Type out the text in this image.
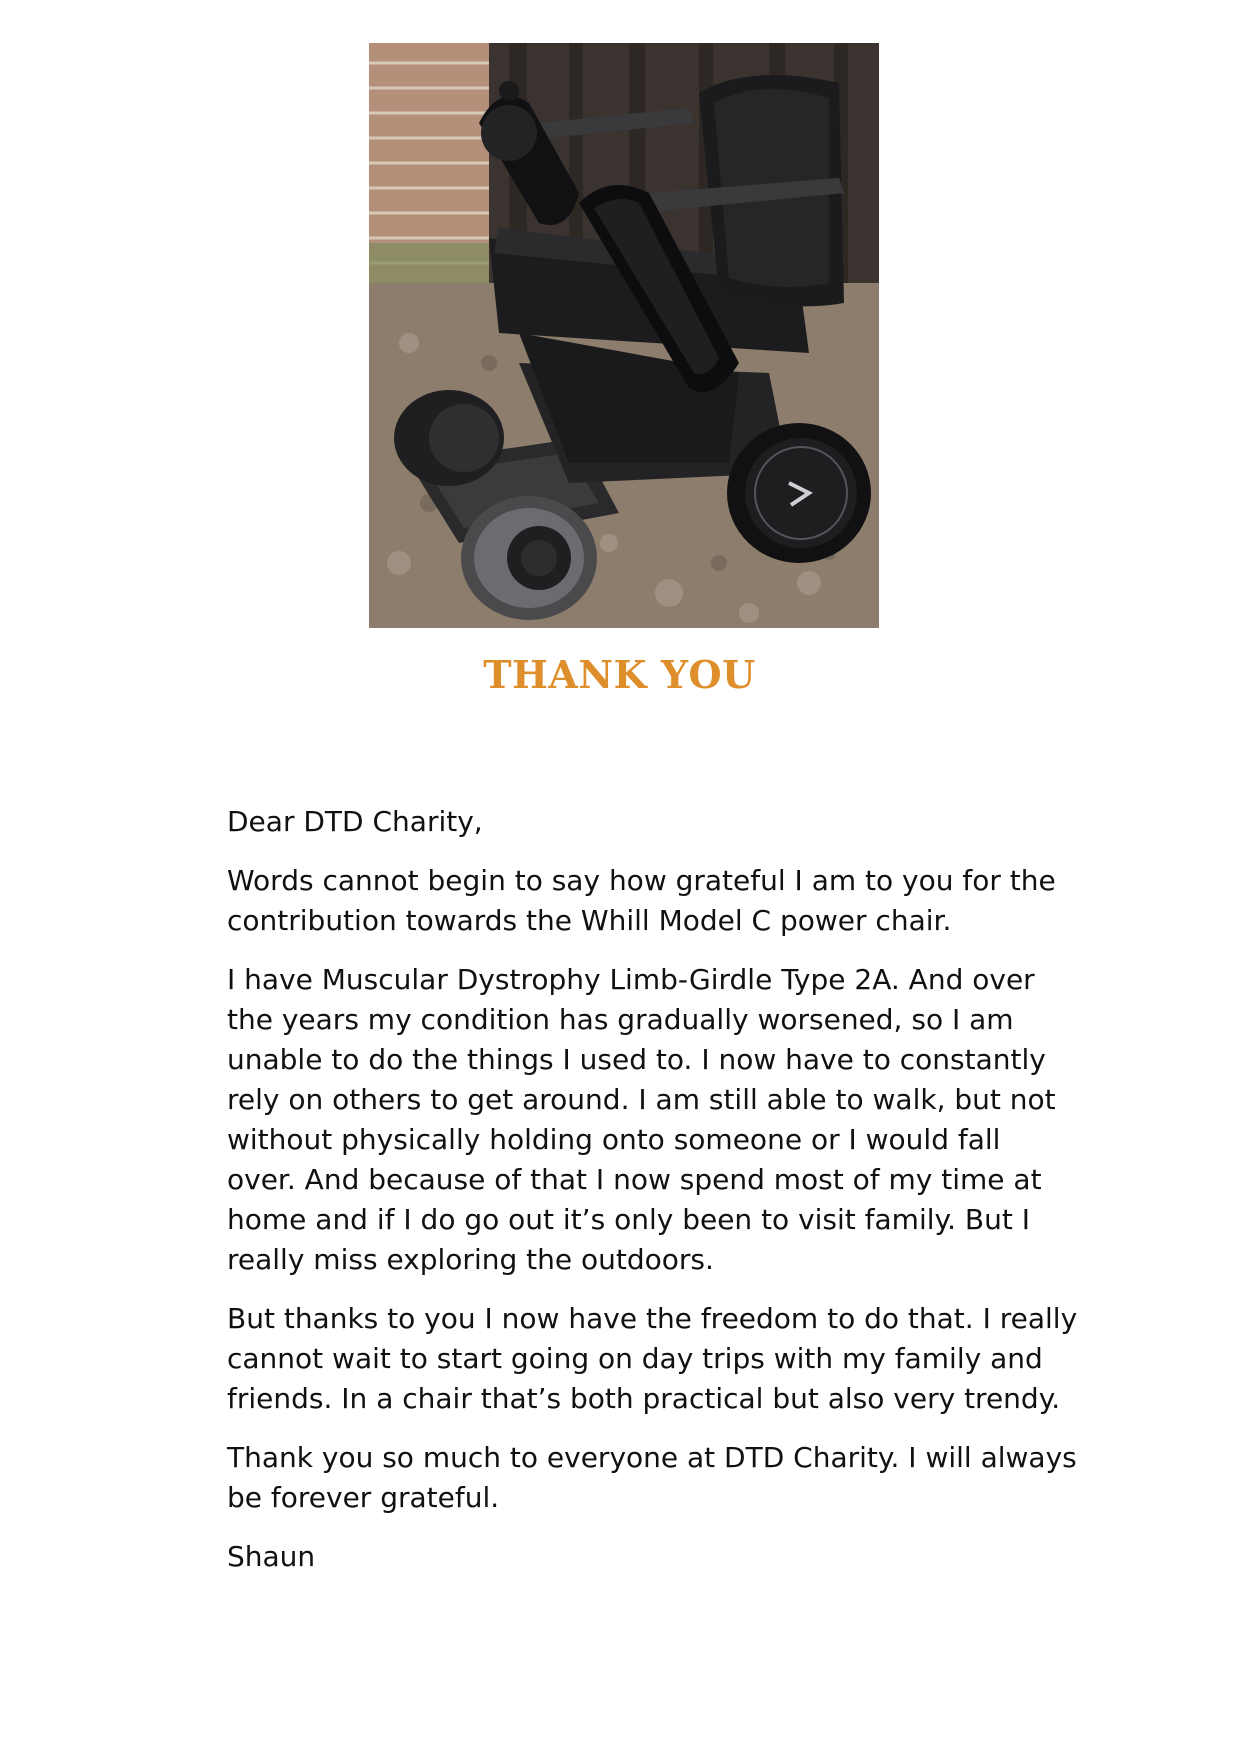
THANK YOU

Dear DTD Charity,

Words cannot begin to say how grateful I am to you for the
contribution towards the Whill Model C power chair.

I have Muscular Dystrophy Limb-Girdle Type 2A. And over
the years my condition has gradually worsened, so I am
unable to do the things I used to. I now have to constantly
rely on others to get around. I am still able to walk, but not
without physically holding onto someone or I would fall
over. And because of that I now spend most of my time at
home and if I do go out it’s only been to visit family. But I
really miss exploring the outdoors.

But thanks to you I now have the freedom to do that. I really
cannot wait to start going on day trips with my family and
friends. In a chair that’s both practical but also very trendy.

Thank you so much to everyone at DTD Charity. I will always
be forever grateful.

Shaun
